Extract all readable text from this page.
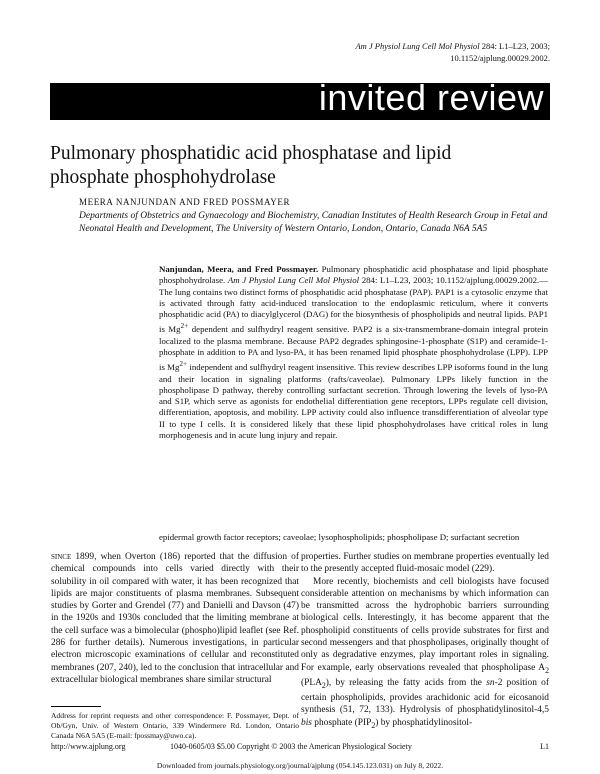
Am J Physiol Lung Cell Mol Physiol 284: L1–L23, 2003;
10.1152/ajplung.00029.2002.
invited review
Pulmonary phosphatidic acid phosphatase and lipid phosphate phosphohydrolase
MEERA NANJUNDAN AND FRED POSSMAYER
Departments of Obstetrics and Gynaecology and Biochemistry, Canadian Institutes of Health Research Group in Fetal and Neonatal Health and Development, The University of Western Ontario, London, Ontario, Canada N6A 5A5
Nanjundan, Meera, and Fred Possmayer. Pulmonary phosphatidic acid phosphatase and lipid phosphate phosphohydrolase. Am J Physiol Lung Cell Mol Physiol 284: L1–L23, 2003; 10.1152/ajplung.00029.2002.—The lung contains two distinct forms of phosphatidic acid phosphatase (PAP). PAP1 is a cytosolic enzyme that is activated through fatty acid-induced translocation to the endoplasmic reticulum, where it converts phosphatidic acid (PA) to diacylglycerol (DAG) for the biosynthesis of phospholipids and neutral lipids. PAP1 is $Mg^{2+}$ dependent and sulfhydryl reagent sensitive. PAP2 is a six-transmembrane-domain integral protein localized to the plasma membrane. Because PAP2 degrades sphingosine-1-phosphate (S1P) and ceramide-1-phosphate in addition to PA and lyso-PA, it has been renamed lipid phosphate phosphohydrolase (LPP). LPP is $Mg^{2+}$ independent and sulfhydryl reagent insensitive. This review describes LPP isoforms found in the lung and their location in signaling platforms (rafts/caveolae). Pulmonary LPPs likely function in the phospholipase D pathway, thereby controlling surfactant secretion. Through lowering the levels of lyso-PA and S1P, which serve as agonists for endothelial differentiation gene receptors, LPPs regulate cell division, differentiation, apoptosis, and mobility. LPP activity could also influence transdifferentiation of alveolar type II to type I cells. It is considered likely that these lipid phosphohydrolases have critical roles in lung morphogenesis and in acute lung injury and repair.
epidermal growth factor receptors; caveolae; lysophospholipids; phospholipase D; surfactant secretion

since 1899, when Overton (186) reported that the diffusion of chemical compounds into cells varied directly with their solubility in oil compared with water, it has been recognized that lipids are major constituents of plasma membranes. Subsequent studies by Gorter and Grendel (77) and Danielli and Davson (47) in the 1920s and 1930s concluded that the limiting membrane at the cell surface was a bimolecular (phospho)lipid leaflet (see Ref. 286 for further details). Numerous investigations, in particular electron microscopic examinations of cellular and reconstituted membranes (207, 240), led to the conclusion that intracellular and extracellular biological membranes share similar structural

properties. Further studies on membrane properties eventually led to the presently accepted fluid-mosaic model (229).

More recently, biochemists and cell biologists have focused considerable attention on mechanisms by which information can be transmitted across the hydrophobic barriers surrounding biological cells. Interestingly, it has become apparent that the phospholipid constituents of cells provide substrates for first and second messengers and that phospholipases, originally thought of only as degradative enzymes, play important roles in signaling. For example, early observations revealed that phospholipase $A_2$ $(PLA_2)$, by releasing the fatty acids from the sn-2 position of certain phospholipids, provides arachidonic acid for eicosanoid synthesis (51, 72, 133). Hydrolysis of phosphatidylinositol-4,5 bis phosphate $(PIP_2)$ by phosphatidylinositol-

Address for reprint requests and other correspondence: F. Possmayer, Dept. of Ob/Gyn, Univ. of Western Ontario, 339 Windermere Rd. London, Ontario Canada N6A 5A5 (E-mail: fpossmay@uwo.ca).
http://www.ajplung.org	1040-0605/03 $5.00 Copyright © 2003 the American Physiological Society	L1
Downloaded from journals.physiology.org/journal/ajplung (054.145.123.031) on July 8, 2022.
